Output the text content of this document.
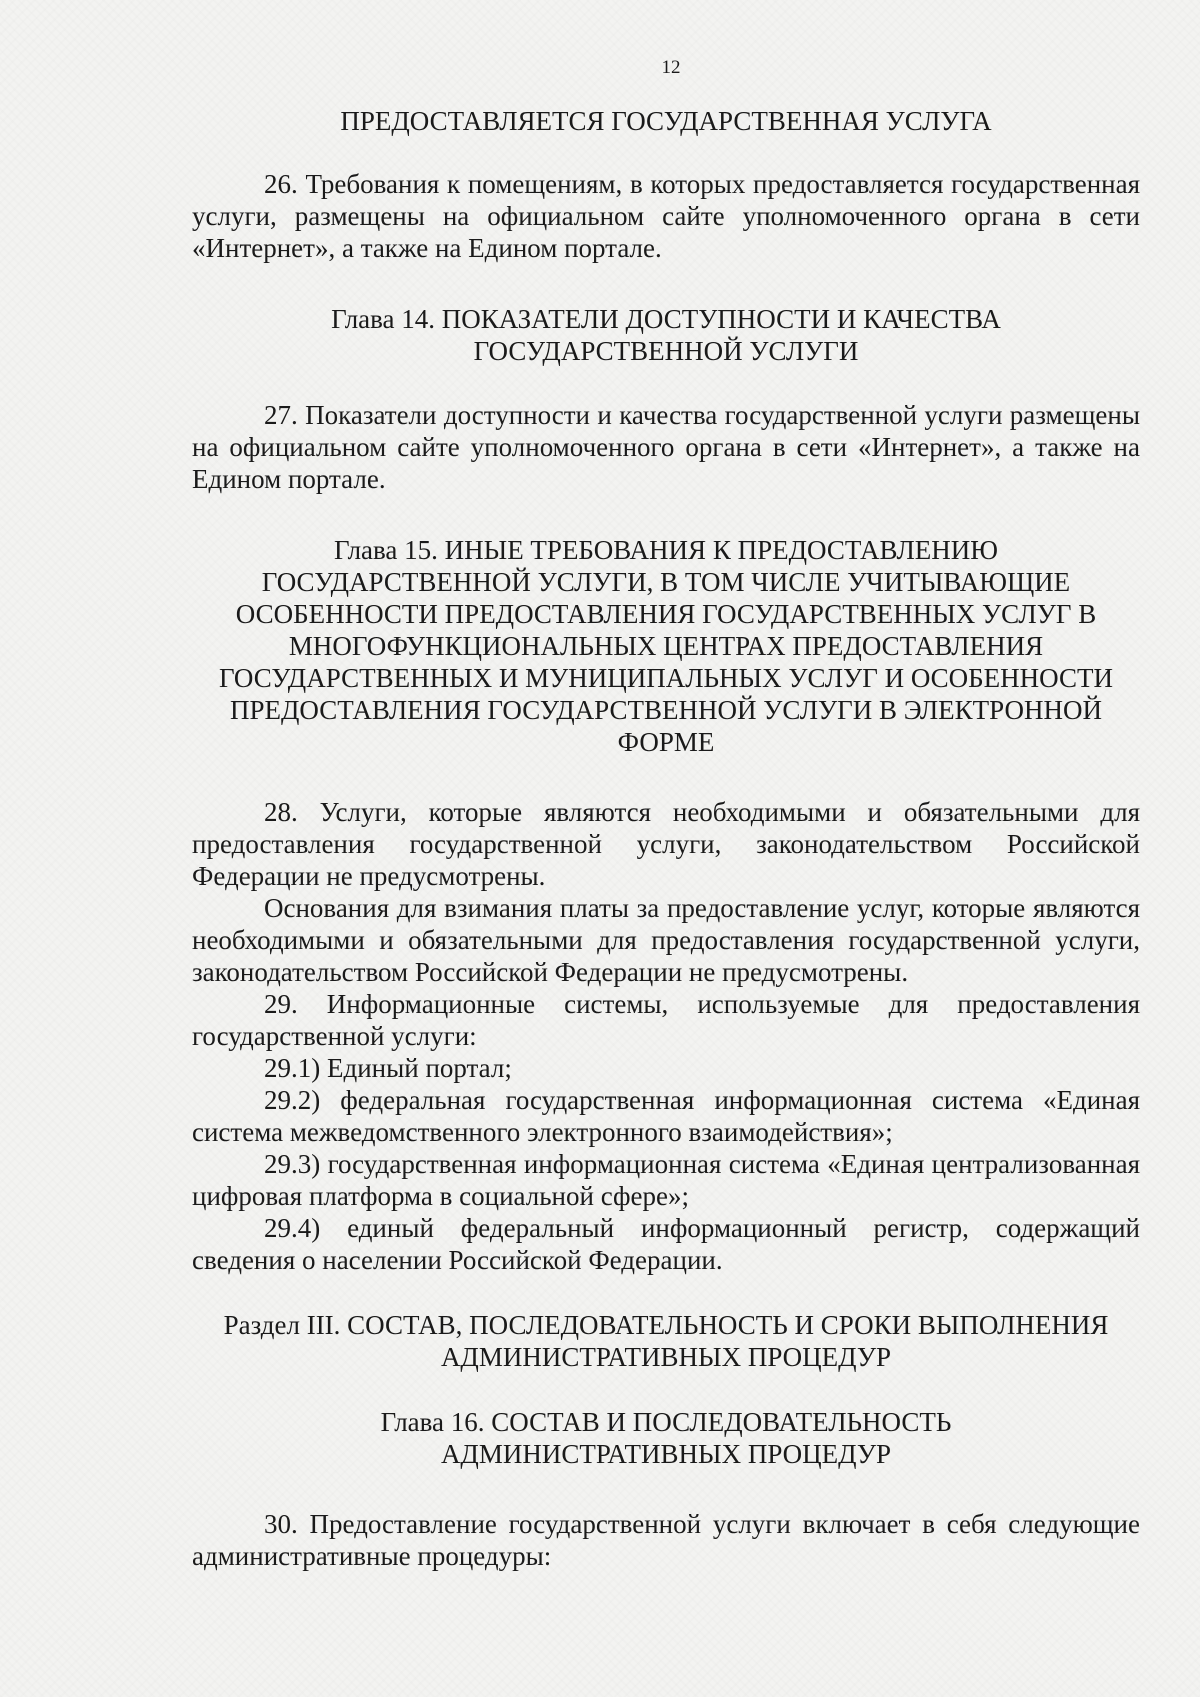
12
ПРЕДОСТАВЛЯЕТСЯ ГОСУДАРСТВЕННАЯ УСЛУГА

26. Требования к помещениям, в которых предоставляется государственная услуги, размещены на официальном сайте уполномоченного органа в сети «Интернет», а также на Едином портале.

Глава 14. ПОКАЗАТЕЛИ ДОСТУПНОСТИ И КАЧЕСТВА
ГОСУДАРСТВЕННОЙ УСЛУГИ

27. Показатели доступности и качества государственной услуги размещены на официальном сайте уполномоченного органа в сети «Интернет», а также на Едином портале.

Глава 15. ИНЫЕ ТРЕБОВАНИЯ К ПРЕДОСТАВЛЕНИЮ
ГОСУДАРСТВЕННОЙ УСЛУГИ, В ТОМ ЧИСЛЕ УЧИТЫВАЮЩИЕ
ОСОБЕННОСТИ ПРЕДОСТАВЛЕНИЯ ГОСУДАРСТВЕННЫХ УСЛУГ В
МНОГОФУНКЦИОНАЛЬНЫХ ЦЕНТРАХ ПРЕДОСТАВЛЕНИЯ
ГОСУДАРСТВЕННЫХ И МУНИЦИПАЛЬНЫХ УСЛУГ И ОСОБЕННОСТИ
ПРЕДОСТАВЛЕНИЯ ГОСУДАРСТВЕННОЙ УСЛУГИ В ЭЛЕКТРОННОЙ
ФОРМЕ

28. Услуги, которые являются необходимыми и обязательными для предоставления государственной услуги, законодательством Российской Федерации не предусмотрены.

Основания для взимания платы за предоставление услуг, которые являются необходимыми и обязательными для предоставления государственной услуги, законодательством Российской Федерации не предусмотрены.

29. Информационные системы, используемые для предоставления государственной услуги:

29.1) Единый портал;

29.2) федеральная государственная информационная система «Единая система межведомственного электронного взаимодействия»;

29.3) государственная информационная система «Единая централизованная цифровая платформа в социальной сфере»;

29.4) единый федеральный информационный регистр, содержащий сведения о населении Российской Федерации.

Раздел III. СОСТАВ, ПОСЛЕДОВАТЕЛЬНОСТЬ И СРОКИ ВЫПОЛНЕНИЯ
АДМИНИСТРАТИВНЫХ ПРОЦЕДУР
Глава 16. СОСТАВ И ПОСЛЕДОВАТЕЛЬНОСТЬ
АДМИНИСТРАТИВНЫХ ПРОЦЕДУР

30. Предоставление государственной услуги включает в себя следующие административные процедуры:
